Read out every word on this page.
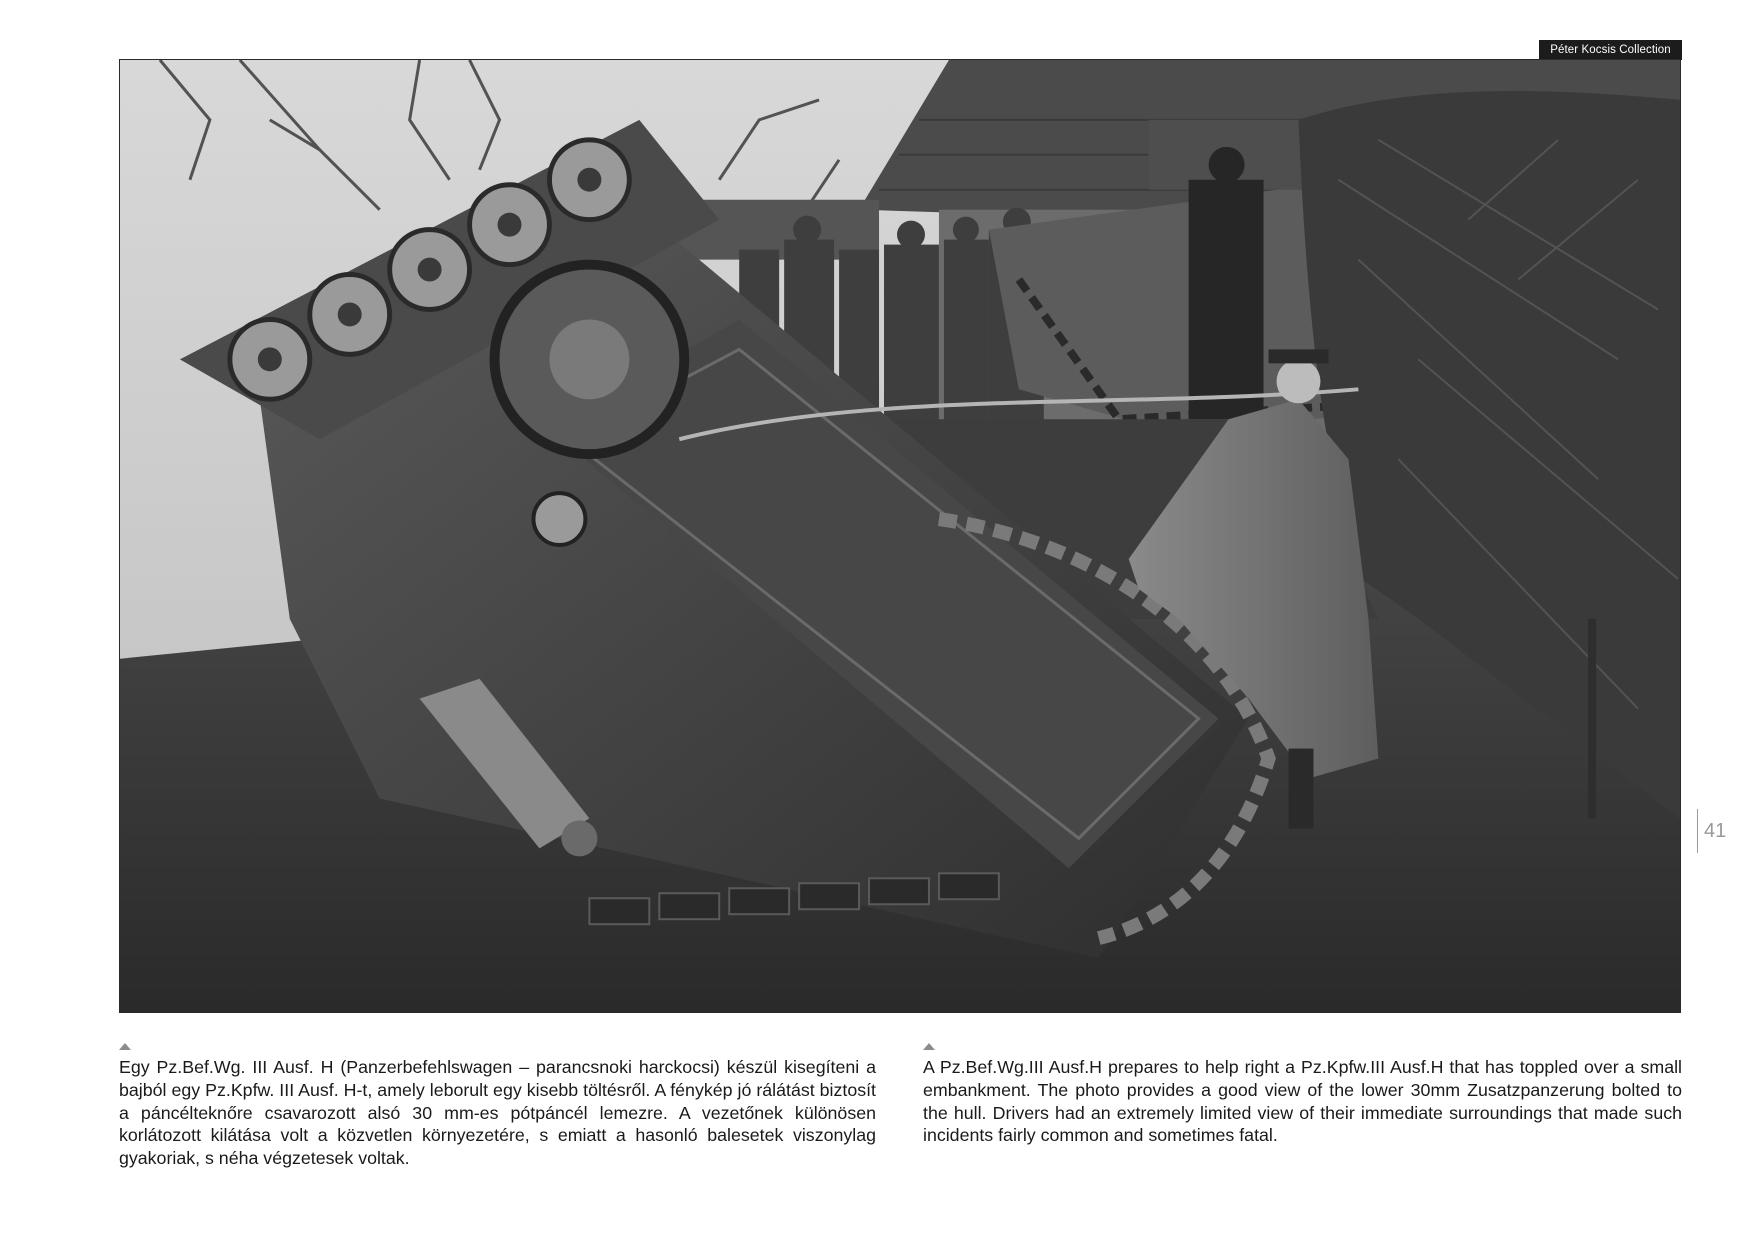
Péter Kocsis Collection
41

Egy Pz.Bef.Wg. III Ausf. H (Panzerbefehlswagen – parancsnoki harckocsi) készül kisegíteni a bajból egy Pz.Kpfw. III Ausf. H-t, amely leborult egy kisebb töltésről. A fénykép jó rálátást biztosít a páncélteknőre csavarozott alsó 30 mm-es pótpáncél lemezre. A vezetőnek különösen korlátozott kilátása volt a közvetlen környezetére, s emiatt a hasonló balesetek viszonylag gyakoriak, s néha végzetesek voltak.

A Pz.Bef.Wg.III Ausf.H prepares to help right a Pz.Kpfw.III Ausf.H that has toppled over a small embankment. The photo provides a good view of the lower 30mm Zusatzpanzerung bolted to the hull. Drivers had an extremely limited view of their immediate surroundings that made such incidents fairly common and sometimes fatal.
